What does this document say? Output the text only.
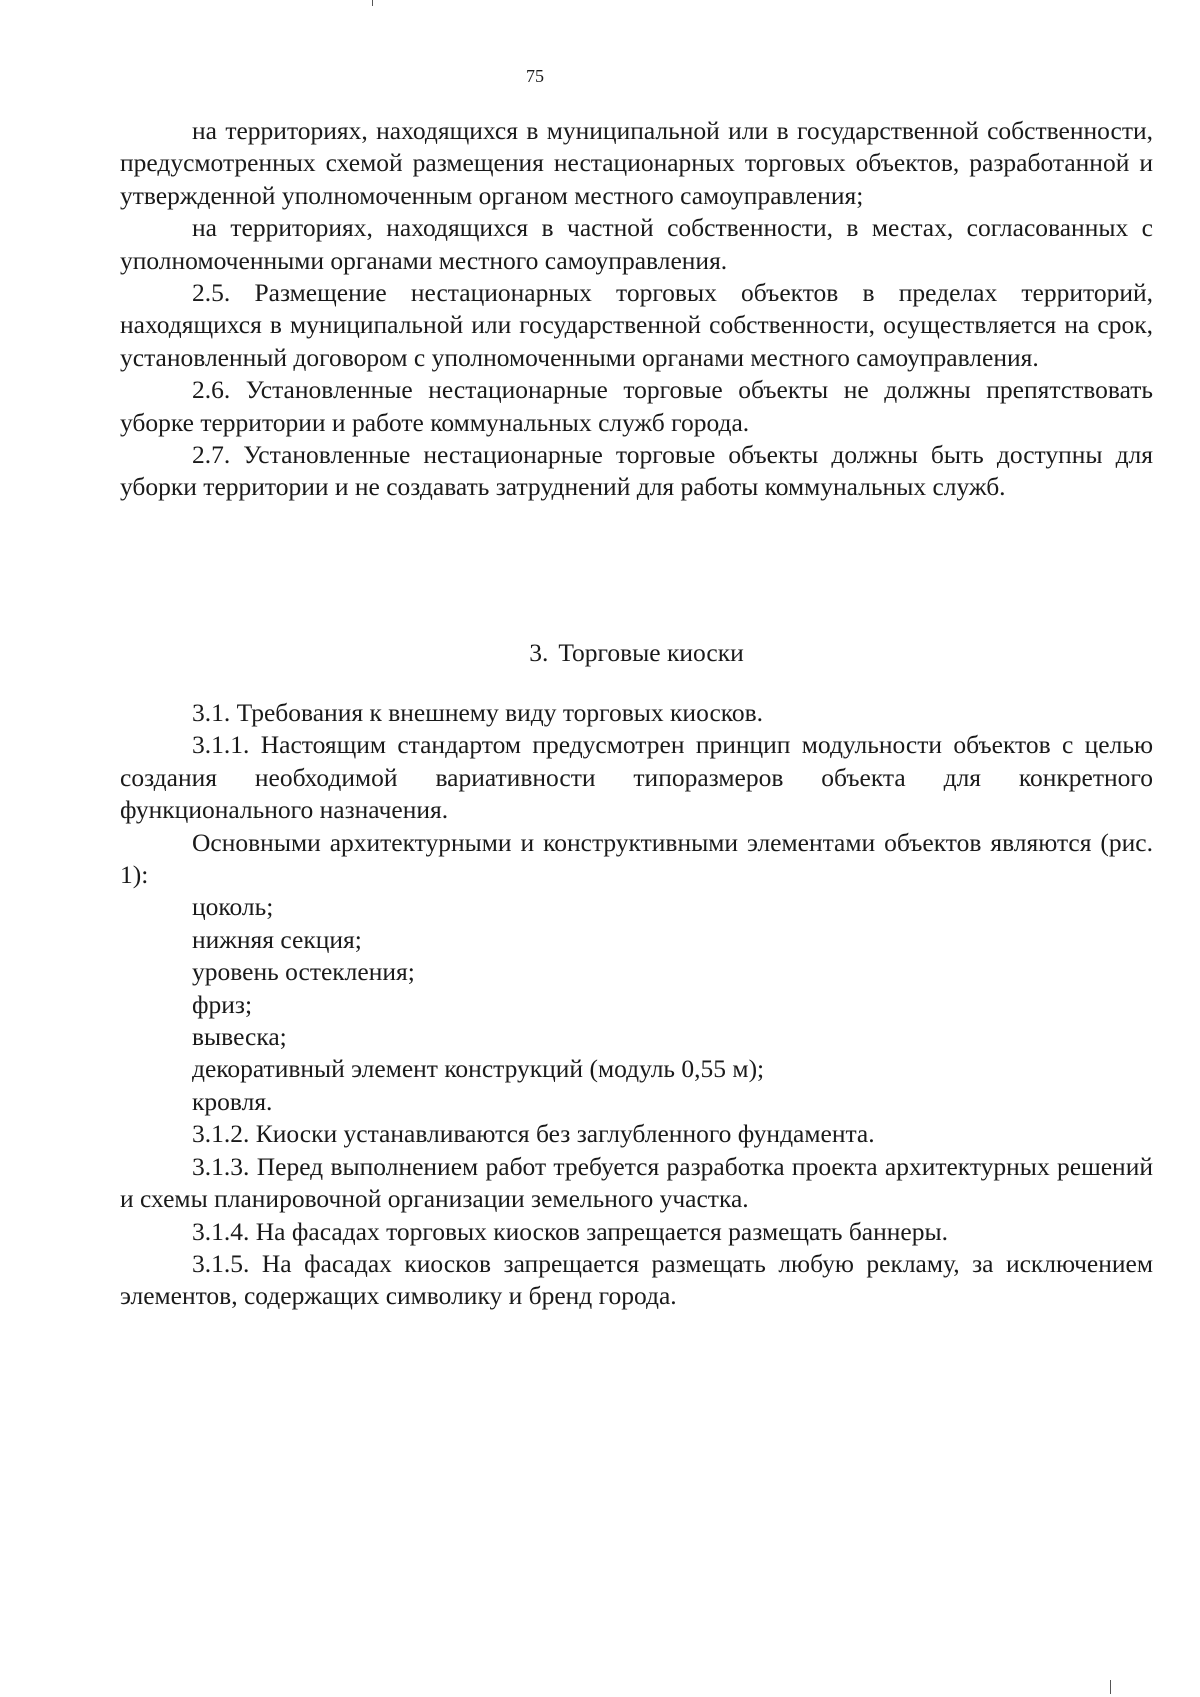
75

на территориях, находящихся в муниципальной или в государственной собственности, предусмотренных схемой размещения нестационарных торговых объектов, разработанной и утвержденной уполномоченным органом местного самоуправления;

на территориях, находящихся в частной собственности, в местах, согласованных с уполномоченными органами местного самоуправления.

2.5. Размещение нестационарных торговых объектов в пределах территорий, находящихся в муниципальной или государственной собственности, осуществляется на срок, установленный договором с уполномоченными органами местного самоуправления.

2.6. Установленные нестационарные торговые объекты не должны препятствовать уборке территории и работе коммунальных служб города.

2.7. Установленные нестационарные торговые объекты должны быть доступны для уборки территории и не создавать затруднений для работы коммунальных служб.

3. Торговые киоски

3.1. Требования к внешнему виду торговых киосков.

3.1.1. Настоящим стандартом предусмотрен принцип модульности объектов с целью создания необходимой вариативности типоразмеров объекта для конкретного функционального назначения.

Основными архитектурными и конструктивными элементами объектов являются (рис. 1):

цоколь;

нижняя секция;

уровень остекления;

фриз;

вывеска;

декоративный элемент конструкций (модуль 0,55 м);

кровля.

3.1.2. Киоски устанавливаются без заглубленного фундамента.

3.1.3. Перед выполнением работ требуется разработка проекта архитектурных решений и схемы планировочной организации земельного участка.

3.1.4. На фасадах торговых киосков запрещается размещать баннеры.

3.1.5. На фасадах киосков запрещается размещать любую рекламу, за исключением элементов, содержащих символику и бренд города.
